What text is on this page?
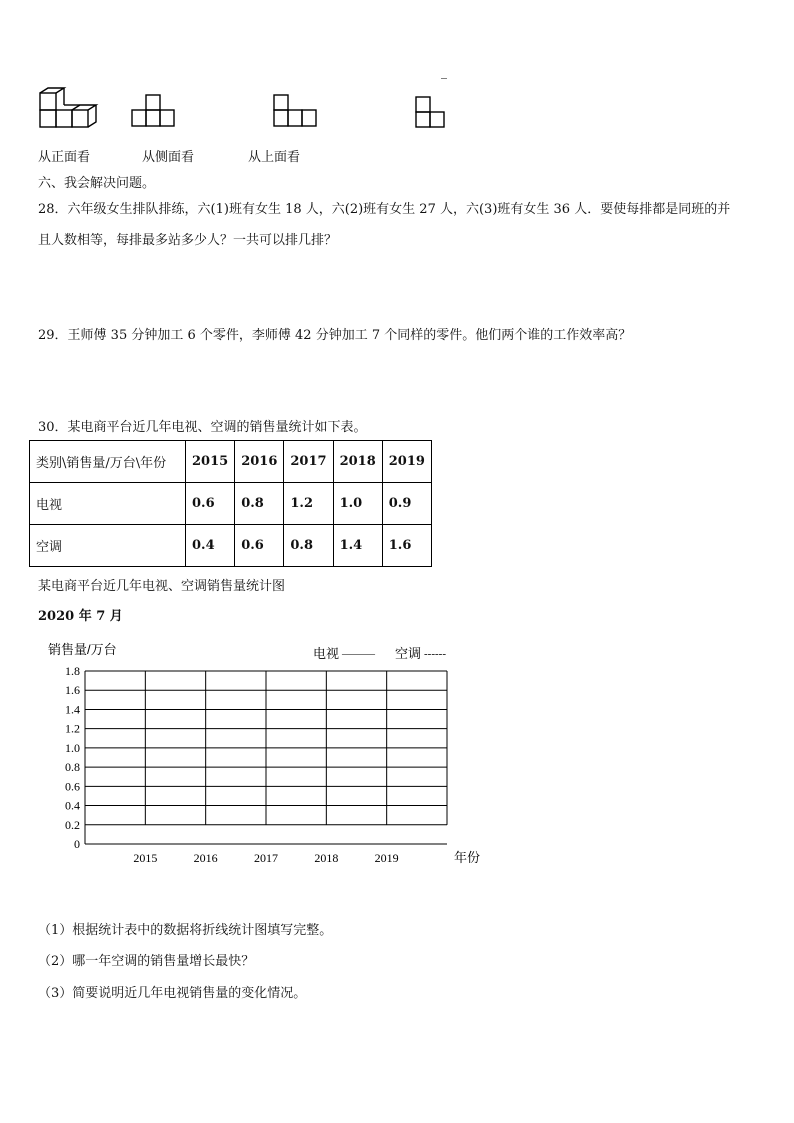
从正面看	从侧面看	从上面看
六、我会解决问题。
28．六年级女生排队排练，六(1)班有女生 18 人，六(2)班有女生 27 人，六(3)班有女生 36 人．要使每排都是同班的并
且人数相等，每排最多站多少人？一共可以排几排？
29．王师傅 35 分钟加工 6 个零件，李师傅 42 分钟加工 7 个同样的零件。他们两个谁的工作效率高？
30．某电商平台近几年电视、空调的销售量统计如下表。
类别\销售量/万台\年份	2015	2016	2017	2018	2019
电视	0.6	0.8	1.2	1.0	0.9
空调	0.4	0.6	0.8	1.4	1.6
某电商平台近几年电视、空调销售量统计图
2020 年 7 月
销售量/万台	电视 ——— 空调 ------
0
0.2
0.4
0.6
0.8
1.0
1.2
1.4
1.6
1.8
2015	2016	2017	2018	2019	年份
（1）根据统计表中的数据将折线统计图填写完整。
（2）哪一年空调的销售量增长最快？
（3）简要说明近几年电视销售量的变化情况。
